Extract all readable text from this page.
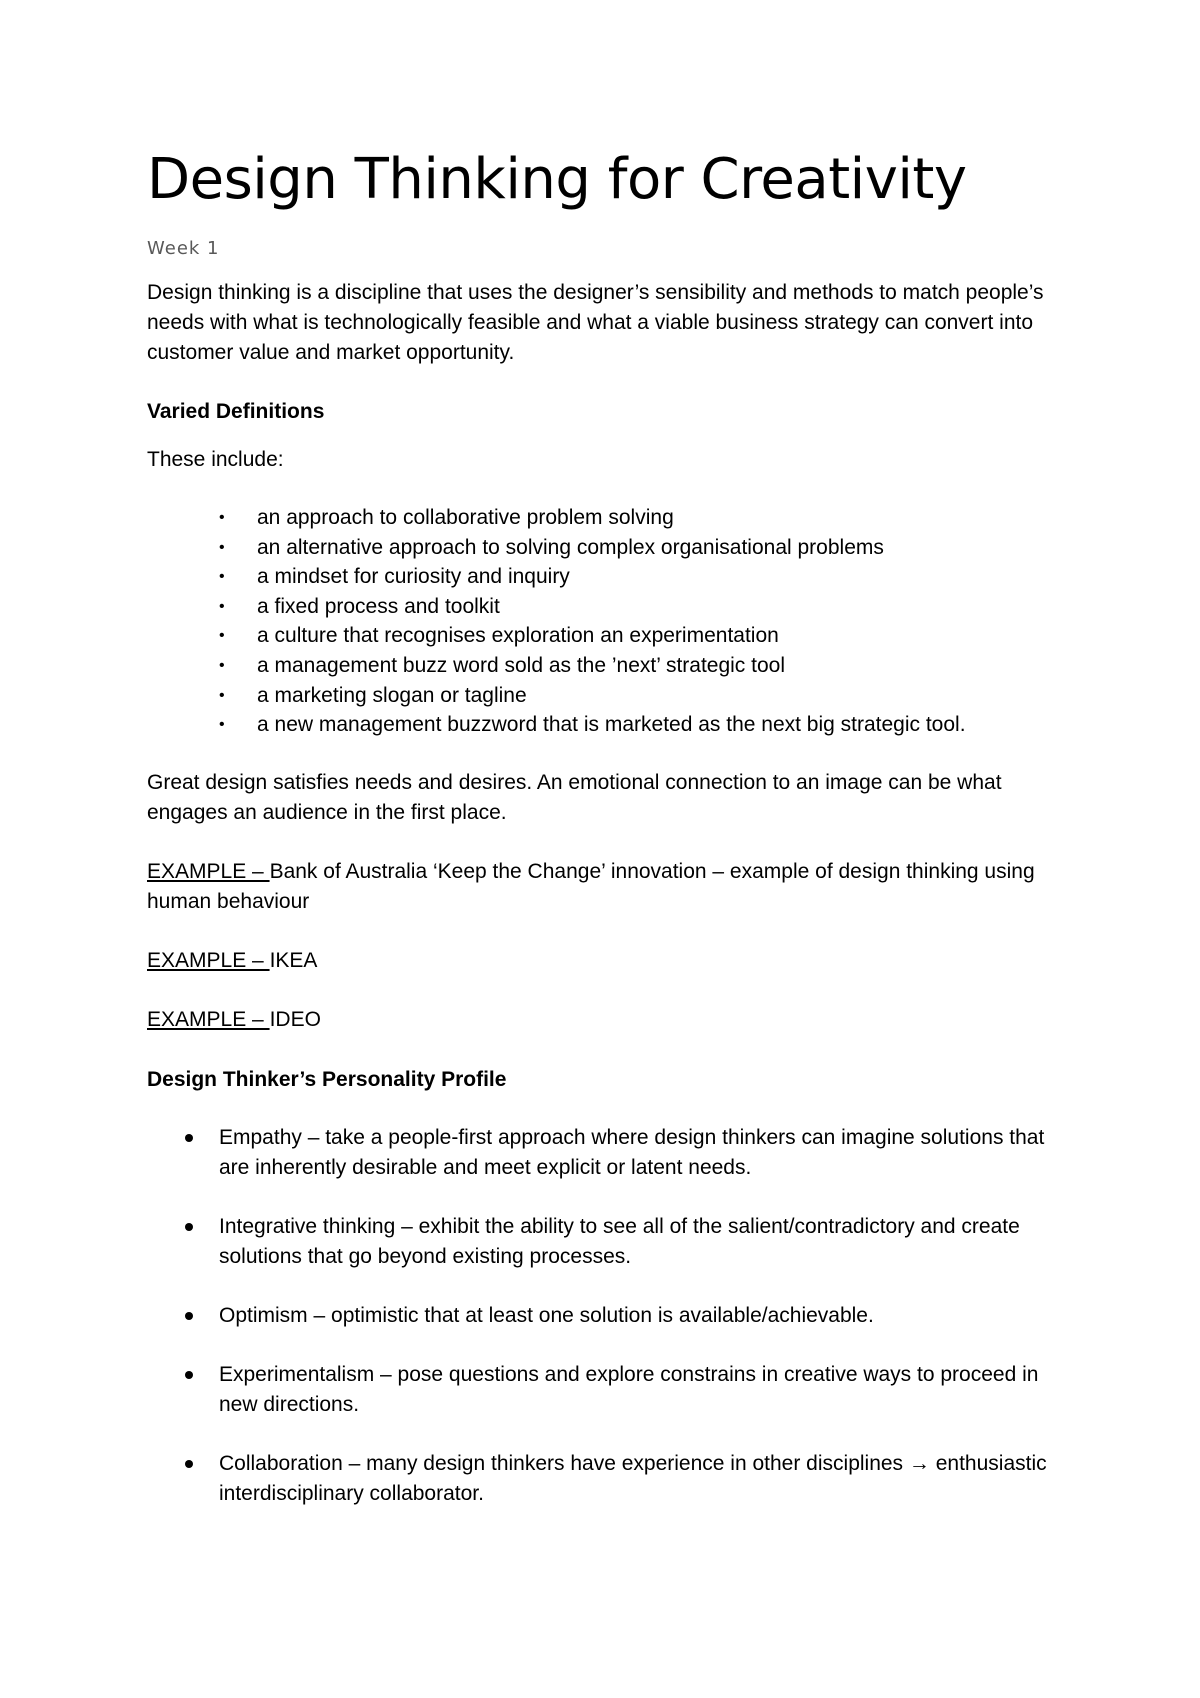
Design Thinking for Creativity
Week 1

Design thinking is a discipline that uses the designer’s sensibility and methods to match people’s needs with what is technologically feasible and what a viable business strategy can convert into customer value and market opportunity.

Varied Definitions

These include:

• an approach to collaborative problem solving
• an alternative approach to solving complex organisational problems
• a mindset for curiosity and inquiry
• a fixed process and toolkit
• a culture that recognises exploration an experimentation
• a management buzz word sold as the ’next’ strategic tool
• a marketing slogan or tagline
• a new management buzzword that is marketed as the next big strategic tool.

Great design satisfies needs and desires. An emotional connection to an image can be what engages an audience in the first place.

EXAMPLE – Bank of Australia ‘Keep the Change’ innovation – example of design thinking using human behaviour

EXAMPLE – IKEA

EXAMPLE – IDEO

Design Thinker’s Personality Profile
Empathy – take a people-first approach where design thinkers can imagine solutions that are inherently desirable and meet explicit or latent needs.
Integrative thinking – exhibit the ability to see all of the salient/contradictory and create solutions that go beyond existing processes.
Optimism – optimistic that at least one solution is available/achievable.
Experimentalism – pose questions and explore constrains in creative ways to proceed in new directions.
Collaboration – many design thinkers have experience in other disciplines → enthusiastic interdisciplinary collaborator.
